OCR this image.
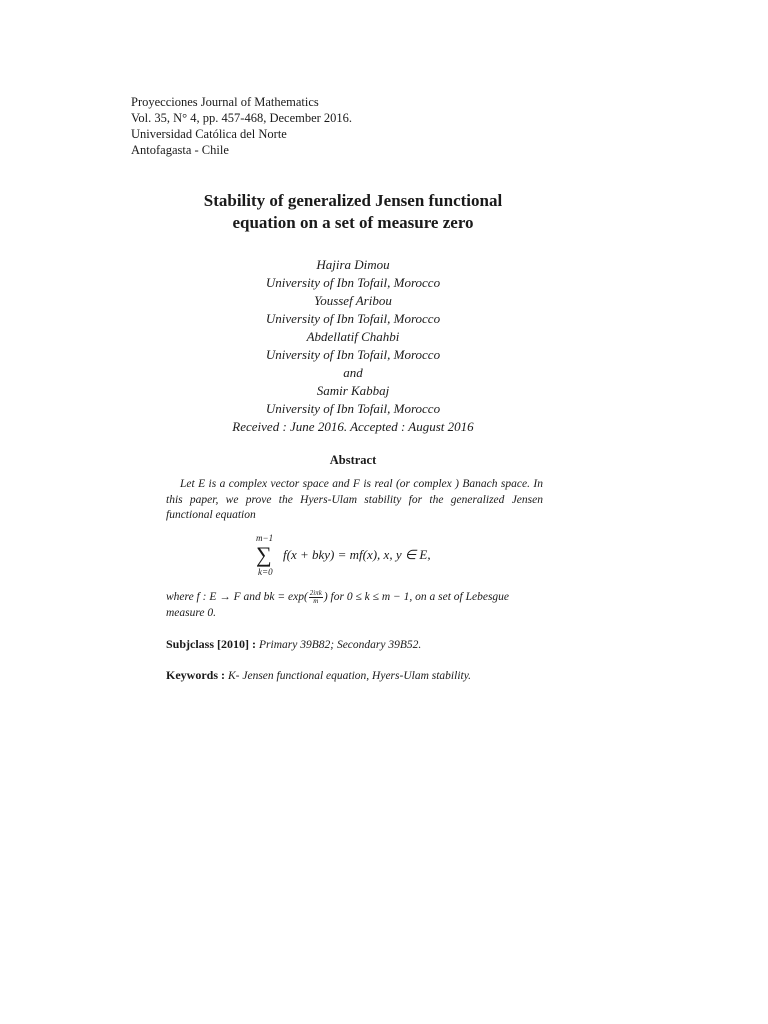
Proyecciones Journal of Mathematics
Vol. 35, N° 4, pp. 457-468, December 2016.
Universidad Católica del Norte
Antofagasta - Chile
Stability of generalized Jensen functional
equation on a set of measure zero
Hajira Dimou
University of Ibn Tofail, Morocco
Youssef Aribou
University of Ibn Tofail, Morocco
Abdellatif Chahbi
University of Ibn Tofail, Morocco
and
Samir Kabbaj
University of Ibn Tofail, Morocco
Received : June 2016. Accepted : August 2016
Abstract
Let E is a complex vector space and F is real (or complex ) Banach space. In this paper, we prove the Hyers-Ulam stability for the generalized Jensen functional equation
m−1
∑
k=0
f(x + bky) = mf(x), x, y ∈ E,
where f : E → F and bk = $\exp( \frac{\text{2iπk}}{m}$ ) for 0 ≤ k ≤ m − 1, on a set of Lebesgue measure 0.
Subjclass [2010] : Primary 39B82; Secondary 39B52.
Keywords : K- Jensen functional equation, Hyers-Ulam stability.
